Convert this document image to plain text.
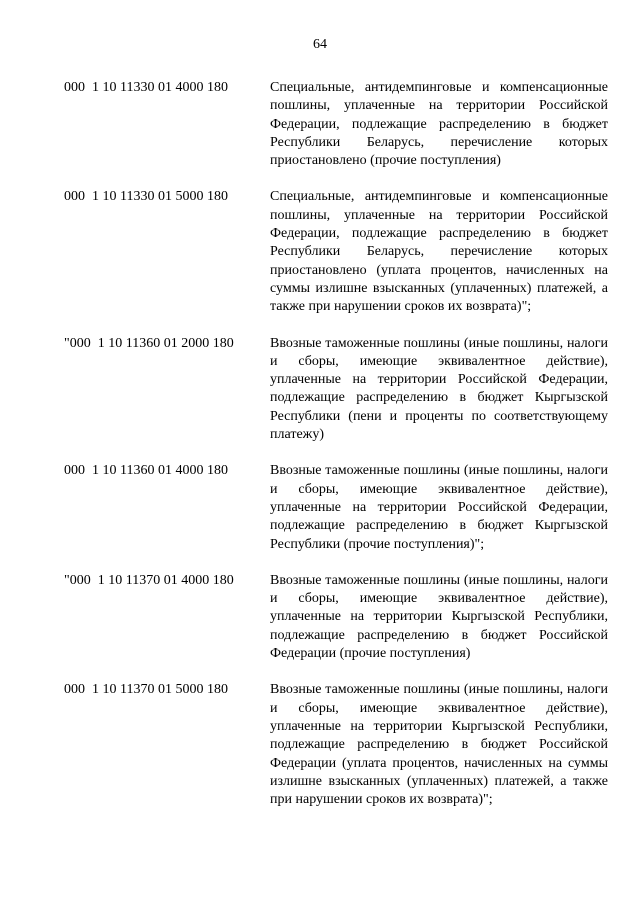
64
000  1 10 11330 01 4000 180	Специальные, антидемпинговые и компенсационные пошлины, уплаченные на территории Российской Федерации, подлежащие распределению в бюджет Республики Беларусь, перечисление которых приостановлено (прочие поступления)
000  1 10 11330 01 5000 180	Специальные, антидемпинговые и компенсационные пошлины, уплаченные на территории Российской Федерации, подлежащие распределению в бюджет Республики Беларусь, перечисление которых приостановлено (уплата процентов, начисленных на суммы излишне взысканных (уплаченных) платежей, а также при нарушении сроков их возврата)";
"000  1 10 11360 01 2000 180	Ввозные таможенные пошлины (иные пошлины, налоги и сборы, имеющие эквивалентное действие), уплаченные на территории Российской Федерации, подлежащие распределению в бюджет Кыргызской Республики (пени и проценты по соответствующему платежу)
000  1 10 11360 01 4000 180	Ввозные таможенные пошлины (иные пошлины, налоги и сборы, имеющие эквивалентное действие), уплаченные на территории Российской Федерации, подлежащие распределению в бюджет Кыргызской Республики (прочие поступления)";
"000  1 10 11370 01 4000 180	Ввозные таможенные пошлины (иные пошлины, налоги и сборы, имеющие эквивалентное действие), уплаченные на территории Кыргызской Республики, подлежащие распределению в бюджет Российской Федерации (прочие поступления)
000  1 10 11370 01 5000 180	Ввозные таможенные пошлины (иные пошлины, налоги и сборы, имеющие эквивалентное действие), уплаченные на территории Кыргызской Республики, подлежащие распределению в бюджет Российской Федерации (уплата процентов, начисленных на суммы излишне взысканных (уплаченных) платежей, а также при нарушении сроков их возврата)";
